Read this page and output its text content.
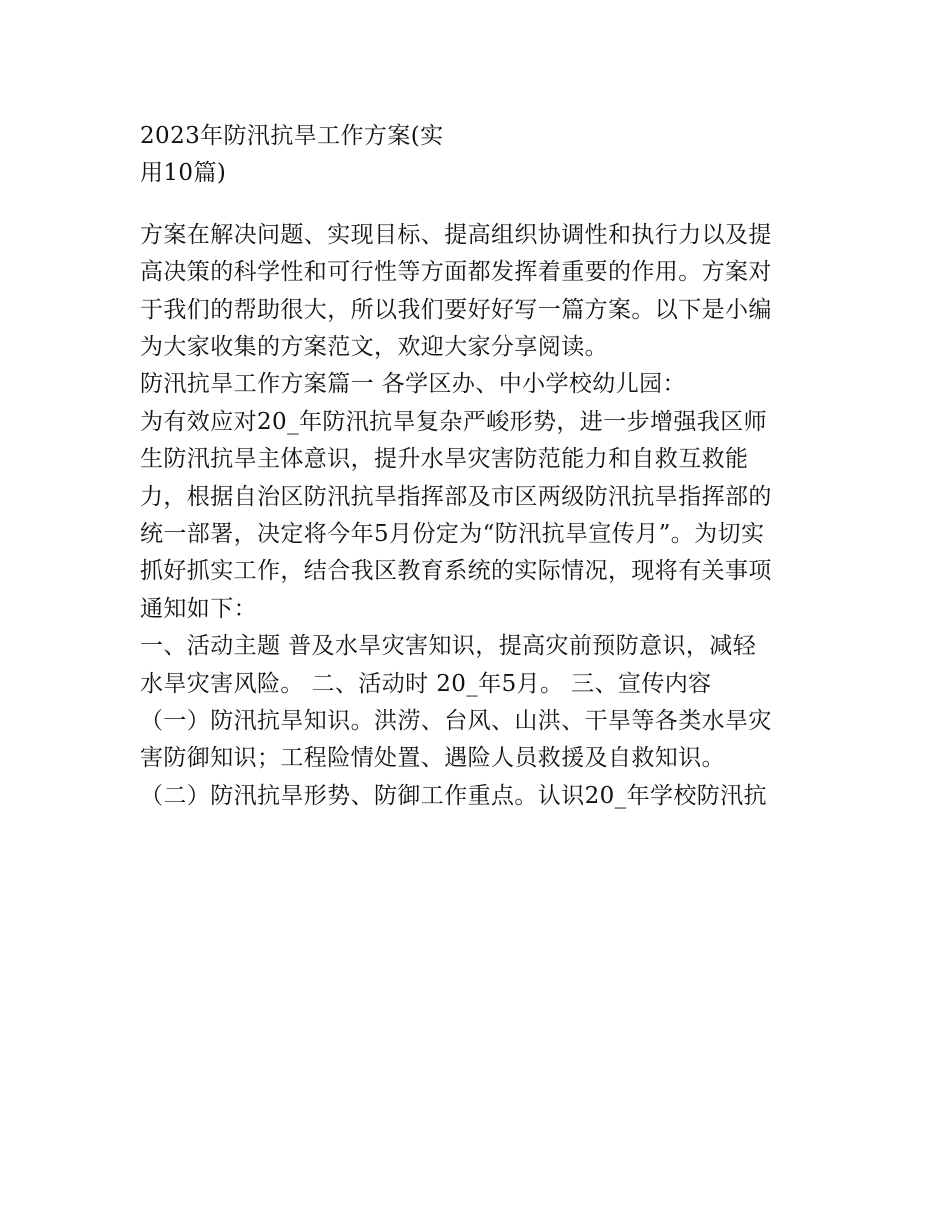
2023年防汛抗旱工作方案(实
用10篇)
方案在解决问题、实现目标、提高组织协调性和执行力以及提
高决策的科学性和可行性等方面都发挥着重要的作用。方案对
于我们的帮助很大，所以我们要好好写一篇方案。以下是小编
为大家收集的方案范文，欢迎大家分享阅读。
防汛抗旱工作方案篇一 各学区办、中小学校幼儿园：
为有效应对20_年防汛抗旱复杂严峻形势，进一步增强我区师
生防汛抗旱主体意识，提升水旱灾害防范能力和自救互救能
力，根据自治区防汛抗旱指挥部及市区两级防汛抗旱指挥部的
统一部署，决定将今年5月份定为“防汛抗旱宣传月”。为切实
抓好抓实工作，结合我区教育系统的实际情况，现将有关事项
通知如下：
一、活动主题 普及水旱灾害知识，提高灾前预防意识，减轻
水旱灾害风险。 二、活动时 20_年5月。 三、宣传内容
（一）防汛抗旱知识。洪涝、台风、山洪、干旱等各类水旱灾
害防御知识；工程险情处置、遇险人员救援及自救知识。
（二）防汛抗旱形势、防御工作重点。认识20_年学校防汛抗
